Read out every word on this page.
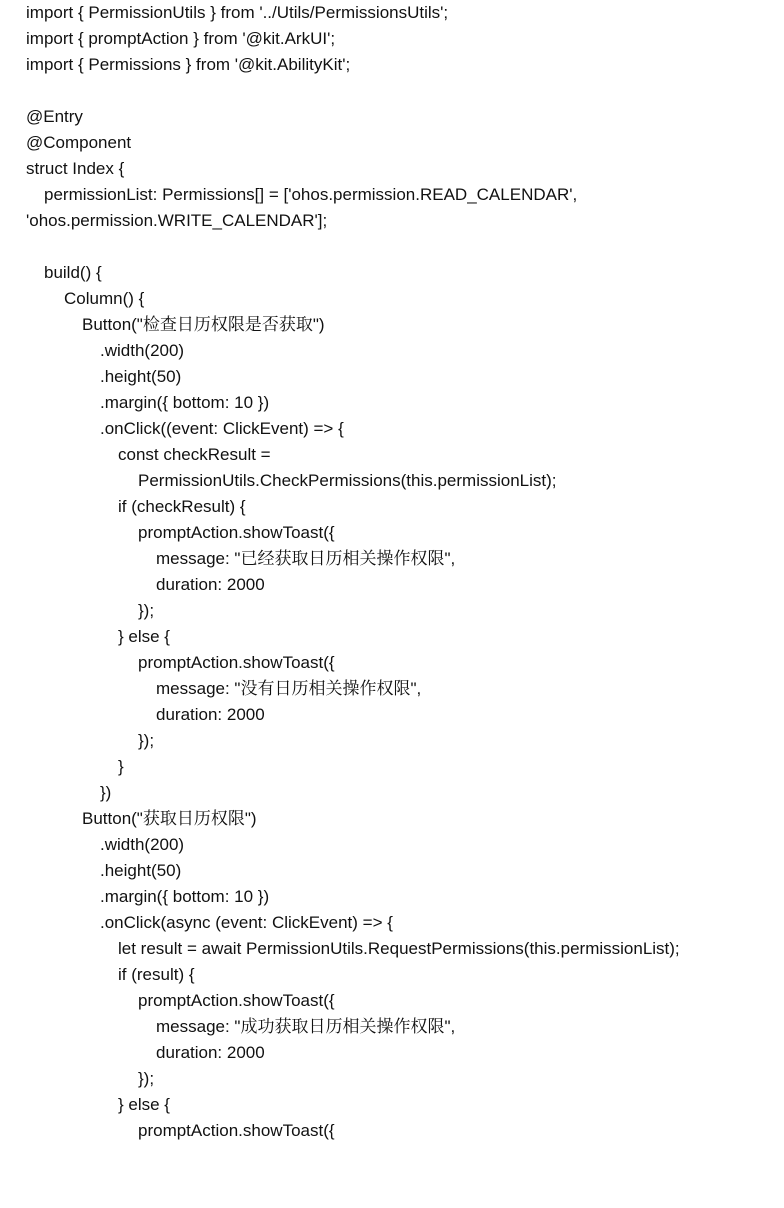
import { PermissionUtils } from '../Utils/PermissionsUtils';
import { promptAction } from '@kit.ArkUI';
import { Permissions } from '@kit.AbilityKit';
@Entry
@Component
struct Index {
permissionList: Permissions[] = ['ohos.permission.READ_CALENDAR',
'ohos.permission.WRITE_CALENDAR'];
build() {
Column() {
Button("检查日历权限是否获取")
.width(200)
.height(50)
.margin({ bottom: 10 })
.onClick((event: ClickEvent) => {
const checkResult =
PermissionUtils.CheckPermissions(this.permissionList);
if (checkResult) {
promptAction.showToast({
message: "已经获取日历相关操作权限",
duration: 2000
});
} else {
promptAction.showToast({
message: "没有日历相关操作权限",
duration: 2000
});
}
})
Button("获取日历权限")
.width(200)
.height(50)
.margin({ bottom: 10 })
.onClick(async (event: ClickEvent) => {
let result = await PermissionUtils.RequestPermissions(this.permissionList);
if (result) {
promptAction.showToast({
message: "成功获取日历相关操作权限",
duration: 2000
});
} else {
promptAction.showToast({
